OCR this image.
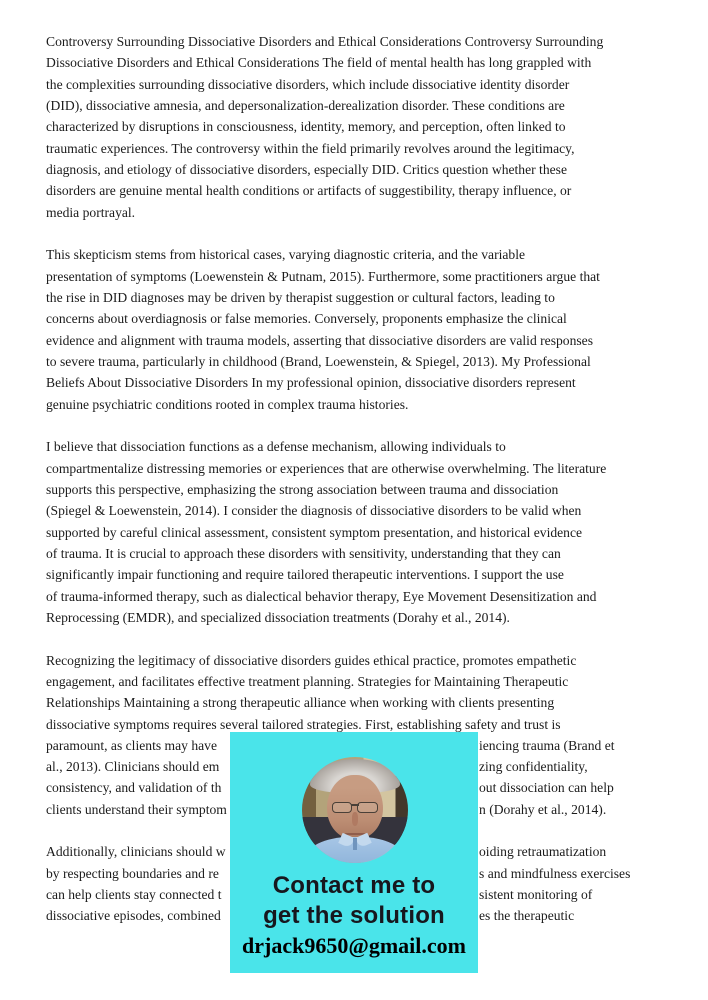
Controversy Surrounding Dissociative Disorders and Ethical Considerations Controversy Surrounding
Dissociative Disorders and Ethical Considerations The field of mental health has long grappled with
the complexities surrounding dissociative disorders, which include dissociative identity disorder
(DID), dissociative amnesia, and depersonalization-derealization disorder. These conditions are
characterized by disruptions in consciousness, identity, memory, and perception, often linked to
traumatic experiences. The controversy within the field primarily revolves around the legitimacy,
diagnosis, and etiology of dissociative disorders, especially DID. Critics question whether these
disorders are genuine mental health conditions or artifacts of suggestibility, therapy influence, or
media portrayal.
This skepticism stems from historical cases, varying diagnostic criteria, and the variable
presentation of symptoms (Loewenstein & Putnam, 2015). Furthermore, some practitioners argue that
the rise in DID diagnoses may be driven by therapist suggestion or cultural factors, leading to
concerns about overdiagnosis or false memories. Conversely, proponents emphasize the clinical
evidence and alignment with trauma models, asserting that dissociative disorders are valid responses
to severe trauma, particularly in childhood (Brand, Loewenstein, & Spiegel, 2013). My Professional
Beliefs About Dissociative Disorders In my professional opinion, dissociative disorders represent
genuine psychiatric conditions rooted in complex trauma histories.
I believe that dissociation functions as a defense mechanism, allowing individuals to
compartmentalize distressing memories or experiences that are otherwise overwhelming. The literature
supports this perspective, emphasizing the strong association between trauma and dissociation
(Spiegel & Loewenstein, 2014). I consider the diagnosis of dissociative disorders to be valid when
supported by careful clinical assessment, consistent symptom presentation, and historical evidence
of trauma. It is crucial to approach these disorders with sensitivity, understanding that they can
significantly impair functioning and require tailored therapeutic interventions. I support the use
of trauma-informed therapy, such as dialectical behavior therapy, Eye Movement Desensitization and
Reprocessing (EMDR), and specialized dissociation treatments (Dorahy et al., 2014).
Recognizing the legitimacy of dissociative disorders guides ethical practice, promotes empathetic
engagement, and facilitates effective treatment planning. Strategies for Maintaining Therapeutic
Relationships Maintaining a strong therapeutic alliance when working with clients presenting
dissociative symptoms requires several tailored strategies. First, establishing safety and trust is
paramount, as clients may have	iencing trauma (Brand et
al., 2013). Clinicians should em	zing confidentiality,
consistency, and validation of th	out dissociation can help
clients understand their symptom	n (Dorahy et al., 2014).
Additionally, clinicians should w	oiding retraumatization
by respecting boundaries and re	s and mindfulness exercises
can help clients stay connected t	sistent monitoring of
dissociative episodes, combined	es the therapeutic
Contact me to
get the solution
drjack9650@gmail.com
